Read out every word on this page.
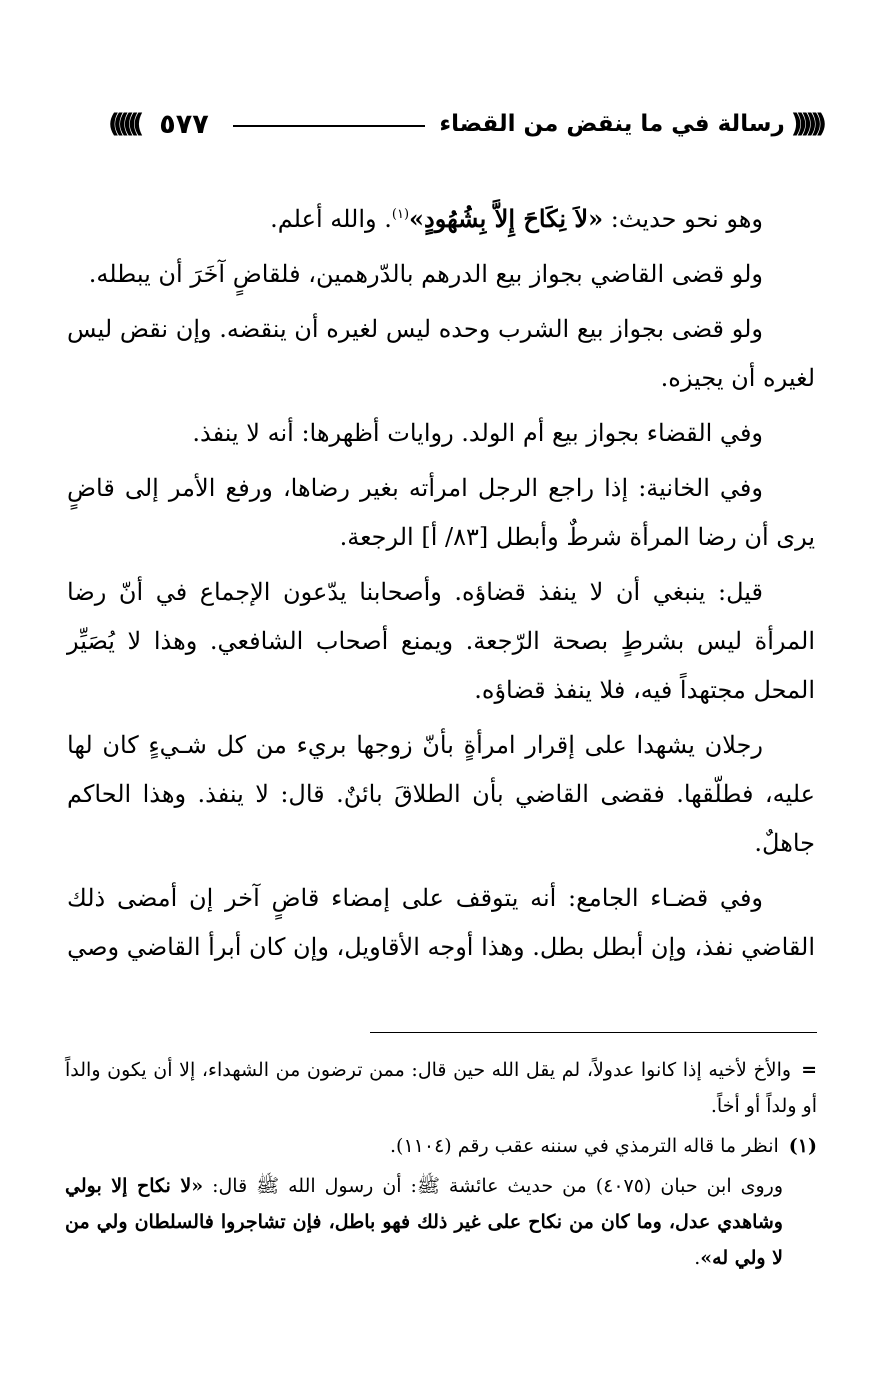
(((((( ٥٧٧	رسالة في ما ينقض من القضاء ))))))

وهو نحو حديث: «لاَ نِكَاحَ إِلاَّ بِشُهُودٍ»$^{(١)}$. والله أعلم.

ولو قضى القاضي بجواز بيع الدرهم بالدّرهمين، فلقاضٍ آخَرَ أن يبطله.

ولو قضى بجواز بيع الشرب وحده ليس لغيره أن ينقضه. وإن نقض ليس لغيره أن يجيزه.

وفي القضاء بجواز بيع أم الولد. روايات أظهرها: أنه لا ينفذ.

وفي الخانية: إذا راجع الرجل امرأته بغير رضاها، ورفع الأمر إلى قاضٍ يرى أن رضا المرأة شرطٌ وأبطل [٨٣/ أ] الرجعة.

قيل: ينبغي أن لا ينفذ قضاؤه. وأصحابنا يدّعون الإجماع في أنّ رضا المرأة ليس بشرطٍ بصحة الرّجعة. ويمنع أصحاب الشافعي. وهذا لا يُصَيِّر المحل مجتهداً فيه، فلا ينفذ قضاؤه.

رجلان يشهدا على إقرار امرأةٍ بأنّ زوجها بريء من كل شـيءٍ كان لها عليه، فطلّقها. فقضى القاضي بأن الطلاقَ بائنٌ. قال: لا ينفذ. وهذا الحاكم جاهلٌ.

وفي قضـاء الجامع: أنه يتوقف على إمضاء قاضٍ آخر إن أمضى ذلك القاضي نفذ، وإن أبطل بطل. وهذا أوجه الأقاويل، وإن كان أبرأ القاضي وصي

=والأخ لأخيه إذا كانوا عدولاً، لم يقل الله حين قال: ممن ترضون من الشهداء، إلا أن يكون والداً أو ولداً أو أخاً.

(١)انظر ما قاله الترمذي في سننه عقب رقم (١١٠٤).

وروى ابن حبان (٤٠٧٥) من حديث عائشة ﷺ: أن رسول الله ﷺ قال: «لا نكاح إلا بولي وشاهدي عدل، وما كان من نكاح على غير ذلك فهو باطل، فإن تشاجروا فالسلطان ولي من لا ولي له».
